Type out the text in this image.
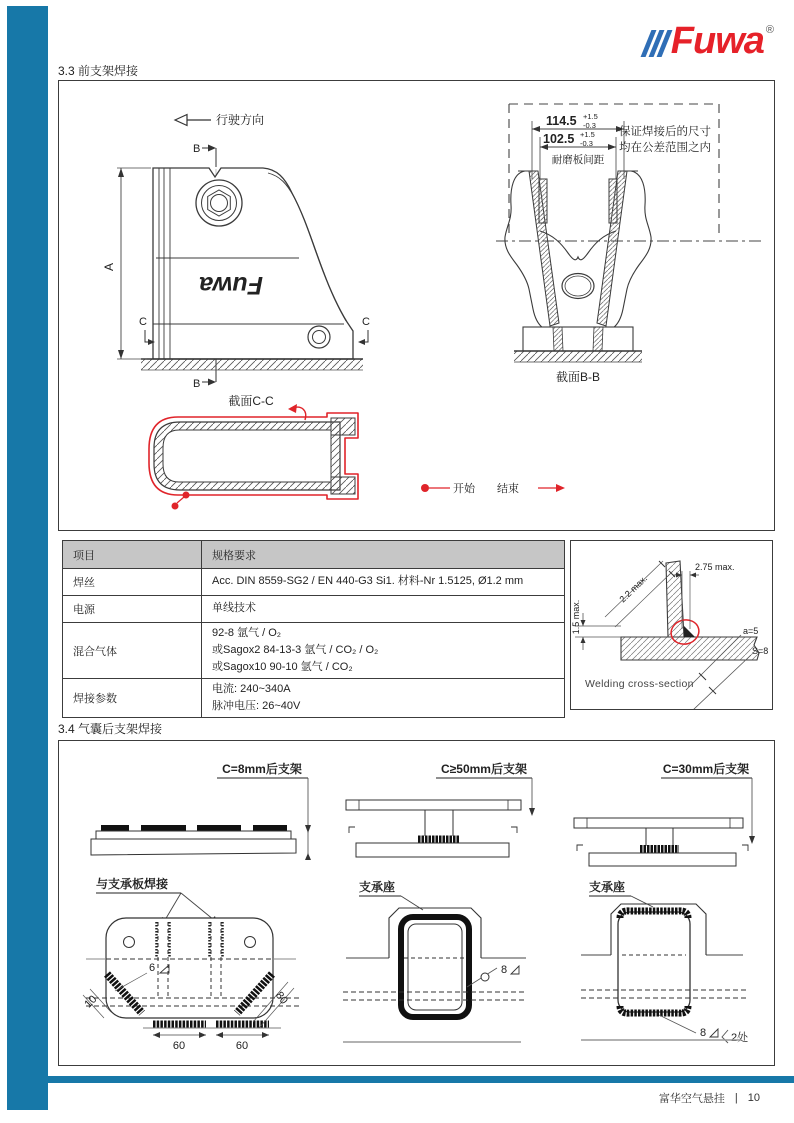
Fuwa ®
3.3 前支架焊接
行驶方向
B
B
Fuwa
A
C	C
截面C-C
开始 结束
114.5 +1.5
-0.3
102.5 +1.5
-0.3
耐磨板间距
保证焊接后的尺寸
均在公差范围之内
截面B-B
项目	规格要求
焊丝	Acc. DIN 8559-SG2 / EN 440-G3 Si1. 材料-Nr 1.5125, Ø1.2 mm

电源	单线技术

混合气体	92-8 氩气 / O₂
或Sagox2 84-13-3 氩气 / CO₂ / O₂
或Sagox10 90-10 氩气 / CO₂

焊接参数	电流: 240~340A
脉冲电压: 26~40V
2.75 max.
2.2 max.
1.5 max.	a=5
S=8
Welding cross-section
3.4 气囊后支架焊接
C=8mm后支架	C≥50mm后支架	C=30mm后支架
与支承板焊接	支承座	支承座
6
10	80
60	60
8
8 2处
富华空气悬挂 | 10
